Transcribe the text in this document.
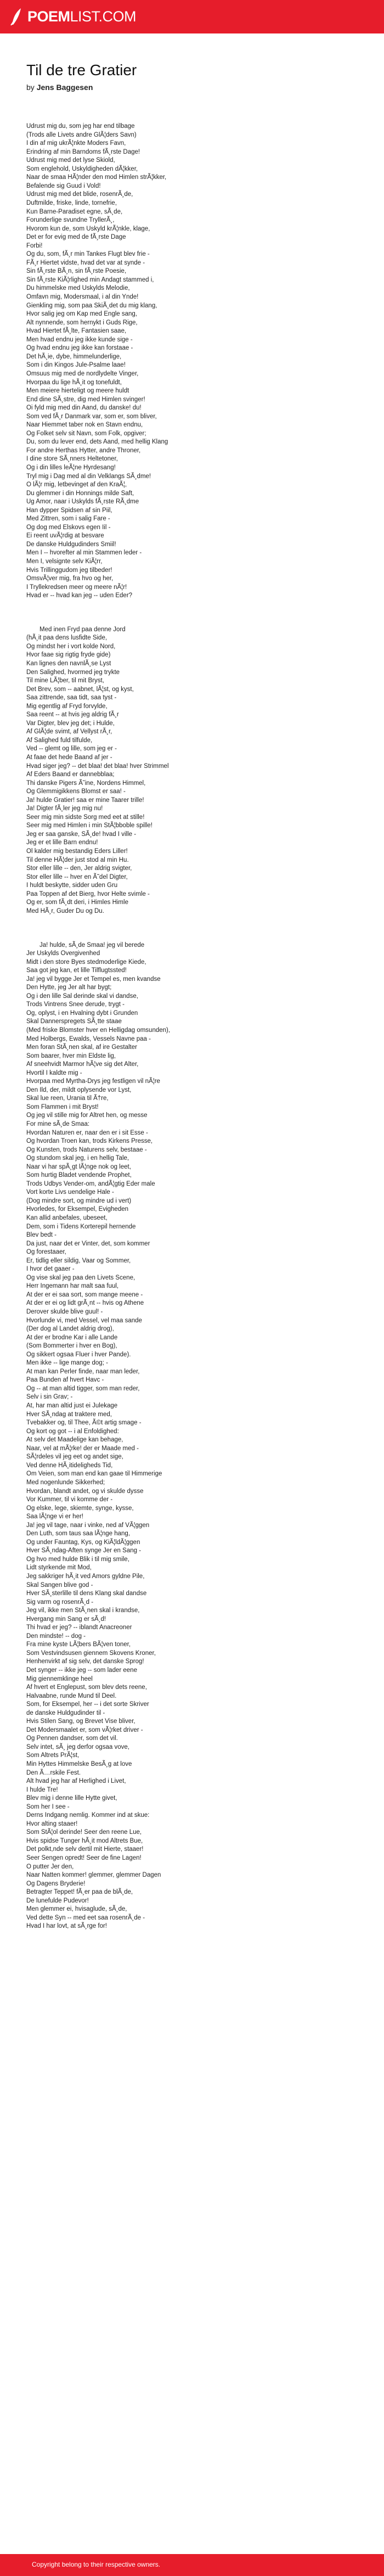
POEMLIST.COM
Til de tre Gratier
by Jens Baggesen

Udrust mig du, som jeg har end tilbage
(Trods alle Livets andre GlÃ¦ders Savn)
I din af mig ukrÃ¦nkte Moders Favn,
Erindring af min Barndoms fÃ¸rste Dage!
Udrust mig med det lyse Skiold,
Som englehold, Uskyldigheden dÃ¦kker,
Naar de smaa HÃ¦nder den mod Himlen strÃ¦kker,
Befalende sig Guud i Vold!
Udrust mig med det blide, rosenrÃ¸de,
Duftmilde, friske, linde, tornefrie,
Kun Barne-Paradiset egne, sÃ¸de,
Forunderlige svundne TryllerÃ¸,
Hvorom kun de, som Uskyld krÃ¦nkle, klage,
Det er for evig med de fÃ¸rste Dage
Forbi!
Og du, som, fÃ¸r min Tankes Flugt blev frie -
FÃ¸r Hiertet vidste, hvad det var at synde -
Sin fÃ¸rste BÃ¸n, sin fÃ¸rste Poesie,
Sin fÃ¸rste KiÃ¦rlighed min Andagt stammed i,
Du himmelske med Uskylds Melodie,
Omfavn mig, Modersmaal, i al din Ynde!
Gienkling mig, som paa SkiÃ¸det du mig klang,
Hvor salig jeg om Kap med Engle sang,
Alt nynnende, som hernykt i Guds Rige,
Hvad Hiertet fÃ¸lte, Fantasien saae,
Men hvad endnu jeg ikke kunde sige -
Og hvad endnu jeg ikke kan forstaae -
Det hÃ¸ie, dybe, himmelunderlige,
Som i din Kingos Jule-Psalme laae!
Omsuus mig med de nordlydelte Vinger,
Hvorpaa du lige hÃ¸it og tonefuldt,
Men meiere hierteligt og meere huldt
End dine SÃ¸stre, dig med Himlen svinger!
Oi fyld mig med din Aand, du danske! du!
Som ved fÃ¸r Danmark var, som er, som bliver,
Naar Hiemmet taber nok en Stavn endnu,
Og Folket selv sit Navn, som Folk, opgiver;
Du, som du lever end, dets Aand, med hellig Klang
For andre Herthas Hytter, andre Throner,
I dine store SÃ¸nners Heltetoner,
Og i din lilles leÃ¦ne Hyrdesang!
Tryl mig i Dag med al din Velklangs SÃ¸dme!
O lÃ¦r mig, letbevinget af den KraÃ¦,
Du glemmer i din Honnings milde Saft,
Ug Amor, naar i Uskylds fÃ¸rste RÃ¸dme
Han dypper Spidsen af sin Piil,
Med Zittren, som i salig Fare -
Og dog med Elskovs egen Iil -
Ei reent uvÃ¦rdig at besvare
De danske Huldgudinders Smiil!
Men I -- hvorefter al min Stammen leder -
Men I, velsignte selv KiÃ¦rr,
Hvis Trillinggudom jeg tilbeder!
OmsvÃ¦ver mig, fra hvo og her,
I Tryllekredsen meer og meere nÃ¦r!
Hvad er -- hvad kan jeg -- uden Eder?

Med inen Fryd paa denne Jord
(hÃ¸it paa dens lusfidte Side,
Og mindst her i vort kolde Nord,
Hvor faae sig rigtig fryde gide)
Kan lignes den navnlÃ¸se Lyst
Den Salighed, hvormed jeg trykte
Til mine LÃ¦ber, til mit Bryst,
Det Brev, som -- aabnet, lÃ¦st, og kyst,
Saa zittrende, saa tidt, saa tyst -
Mig egentlig af Fryd forvylde,
Saa reent -- at hvis jeg aldrig fÃ¸r
Var Digter, blev jeg det; i Hulde,
Af GlÃ¦de svimt, af Vellyst rÃ¸r,
Af Salighed fuld tilfulde,
Ved -- glemt og lille, som jeg er -
At faae det hede Baand af jer -
Hvad siger jeg? -- det blaa! det blaa! hver Strimmel
Af Eders Baand er dannebblaa;
Thi danske Pigers Ã˜ine, Nordens Himmel,
Og Glemmigikkens Blomst er saa! -
Ja! hulde Gratier! saa er mine Taarer trille!
Ja! Digter fÃ¸ler jeg mig nu!
Seer mig min sidste Sorg med eet at stille!
Seer mig med Himlen i min StÃ¦bboble spille!
Jeg er saa ganske, SÃ¸de! hvad I ville -
Jeg er et lille Barn endnu!
Ol kalder mig bestandig Eders Liller!
Til denne HÃ¦der just stod al min Hu.
Stor eller lille -- den, Jer aldrig svigter,
Stor eller lille -- hver en Ã˜del Digter,
I huldt beskytte, sidder uden Gru
Paa Toppen af det Bierg, hvor Helte svimle -
Og er, som fÃ¸dt deri, i Himles Himle
Med HÃ¸r, Guder Du og Du.

Ja! hulde, sÃ¸de Smaa! jeg vil berede
Jer Uskylds Overgivenhed
Midt i den store Byes stedmoderlige Kiede,
Saa got jeg kan, et lille Tilflugtssted!
Ja! jeg vil bygge Jer et Tempel es, men kvandse
Den Hytte, jeg Jer alt har bygt;
Og i den lille Sal derinde skal vi dandse,
Trods Vintrens Snee derude, trygt -
Og, oplyst, i en Hvalning dybt i Grunden
Skal Dannerspregets SÃ¸tte staae
(Med friske Blomster hver en Helligdag omsunden),
Med Holbergs, Ewalds, Vessels Navne paa -
Men foran StÃ¸nen skal, af ire Gestalter
Som baarer, hver min Eldste lig,
Af sneehvidt Marmor hÃ¦ve sig det Alter,
Hvortil I kaldte mig -
Hvorpaa med Myrtha-Drys jeg festligen vil nÃ¦re
Den Ild, der, mildt oplysende vor Lyst,
Skal lue reen, Urania til Ã†re,
Som Flammen i mit Bryst!
Og jeg vil stille mig for Altret hen, og messe
For mine sÃ¸de Smaa:
Hvordan Naturen er, naar den er i sit Esse -
Og hvordan Troen kan, trods Kirkens Presse,
Og Kunsten, trods Naturens selv, bestaae -
Og stundom skal jeg, i en hellig Tale,
Naar vi har spÃ¸gt lÃ¦nge nok og leet,
Som hurtig Bladet vendende Prophet,
Trods Udbys Vender-om, andÃ¦gtig Eder male
Vort korte Livs uendelige Hale -
(Dog mindre sort, og mindre ud i vert)
Hvorledes, for Eksempel, Evigheden
Kan allid anbefales, ubeseet,
Dem, som i Tidens Korterepil hernende
Blev bedt -
Da just, naar det er Vinter, det, som kommer
Og forestaaer,
Er, tidlig eller sildig, Vaar og Sommer,
I hvor det gaaer -
Og vise skal jeg paa den Livets Scene,
Herr Ingemann har malt saa fuul,
At der er ei saa sort, som mange meene -
At der er ei og lidt grÃ¸nt -- hvis og Athene
Derover skulde blive guul! -
Hvorlunde vi, med Vessel, vel maa sande
(Der dog al Landet aldrig drog),
At der er brodne Kar i alle Lande
(Som Bommerter i hver en Bog),
Og sikkert ogsaa Fluer i hver Pande).
Men ikke -- lige mange dog; -
At man kan Perler finde, naar man leder,
Paa Bunden af hvert Havc -
Og -- at man altid tigger, som man reder,
Selv i sin Grav; -
At, har man altid just ei Julekage
Hver SÃ¸ndag at traktere med,
Tvebakker og, til Thee, Ã©t artig smage -
Og kort og got -- i al Enfoldighed:
At selv det Maadelige kan behage,
Naar, vel at mÃ¦rke! der er Maade med -
SÃ¦rdeles vil jeg eet og andet sige,
Ved denne HÃ¸itideligheds Tid,
Om Veien, som man end kan gaae til Himmerige
Med nogenlunde Sikkerhed;
Hvordan, blandt andet, og vi skulde dysse
Vor Kummer, til vi komme der -
Og elske, lege, skiemte, synge, kysse,
Saa lÃ¦nge vi er her!
Ja! jeg vil tage, naar i vinke, ned af VÃ¦ggen
Den Luth, som taus saa lÃ¦nge hang,
Og under Fauntag, Kys, og KiÃ¦ldÃ¦ggen
Hver SÃ¸ndag-Aften synge Jer en Sang -
Og hvo med hulde Blik i til mig smile,
Lidt styrkende mit Mod,
Jeg sakkriger hÃ¸it ved Amors gyldne Pile,
Skal Sangen blive god -
Hver SÃ¸sterlille til dens Klang skal dandse
Sig varm og rosenrÃ¸d -
Jeg vil, ikke men StÃ¸nen skal i krandse,
Hvergang min Sang er sÃ¸d!
Thi hvad er jeg? -- iblandt Anacreoner
Den mindste! -- dog -
Fra mine kyste LÃ¦bers BÃ¦ven toner,
Som Vestvindsusen giennem Skovens Kroner,
Henhenvirkt af sig selv, det danske Sprog!
Det synger -- ikke jeg -- som lader eene
Mig giennemklinge heel
Af hvert et Englepust, som blev dets reene,
Halvaabne, runde Mund til Deel.
Som, for Eksempel, her -- i det sorte Skriver
de danske Huldgudinder til -
Hvis Stilen Sang, og Brevet Vise bliver,
Det Modersmaalet er, som vÃ¦rket driver -
Og Pennen dandser, som det vil.
Selv intet, sÃ¸ jeg derfor ogsaa vove,
Som Altrets PrÃ¦st,
Min Hyttes Himmelske BesÃ¸g at love
Den Ã…rskile Fest.
Alt hvad jeg har af Herlighed i Livet,
I hulde Tre!
Blev mig i denne lille Hytte givet,
Som her I see -
Derns Indgang nemlig. Kommer ind at skue:
Hvor alting staaer!
Som StÃ¦ol derinde! Seer den reene Lue,
Hvis spidse Tunger hÃ¸it mod Altrets Bue,
Det polkt,nde selv dertil mit Hierte, staaer!
Seer Sengen opredt! Seer de fine Lagen!
O putter Jer den,
Naar Natten kommer! glemmer, glemmer Dagen
Og Dagens Bryderie!
Betragter Teppet! fÃ¸er paa de blÃ¸de,
De lunefulde Pudevor!
Men glemmer ei, hvisaglude, sÃ¸de,
Ved dette Syn -- med eet saa rosenrÃ¸de -
Hvad I har lovt, at sÃ¸rge for!

Copyright belong to their respective owners.
